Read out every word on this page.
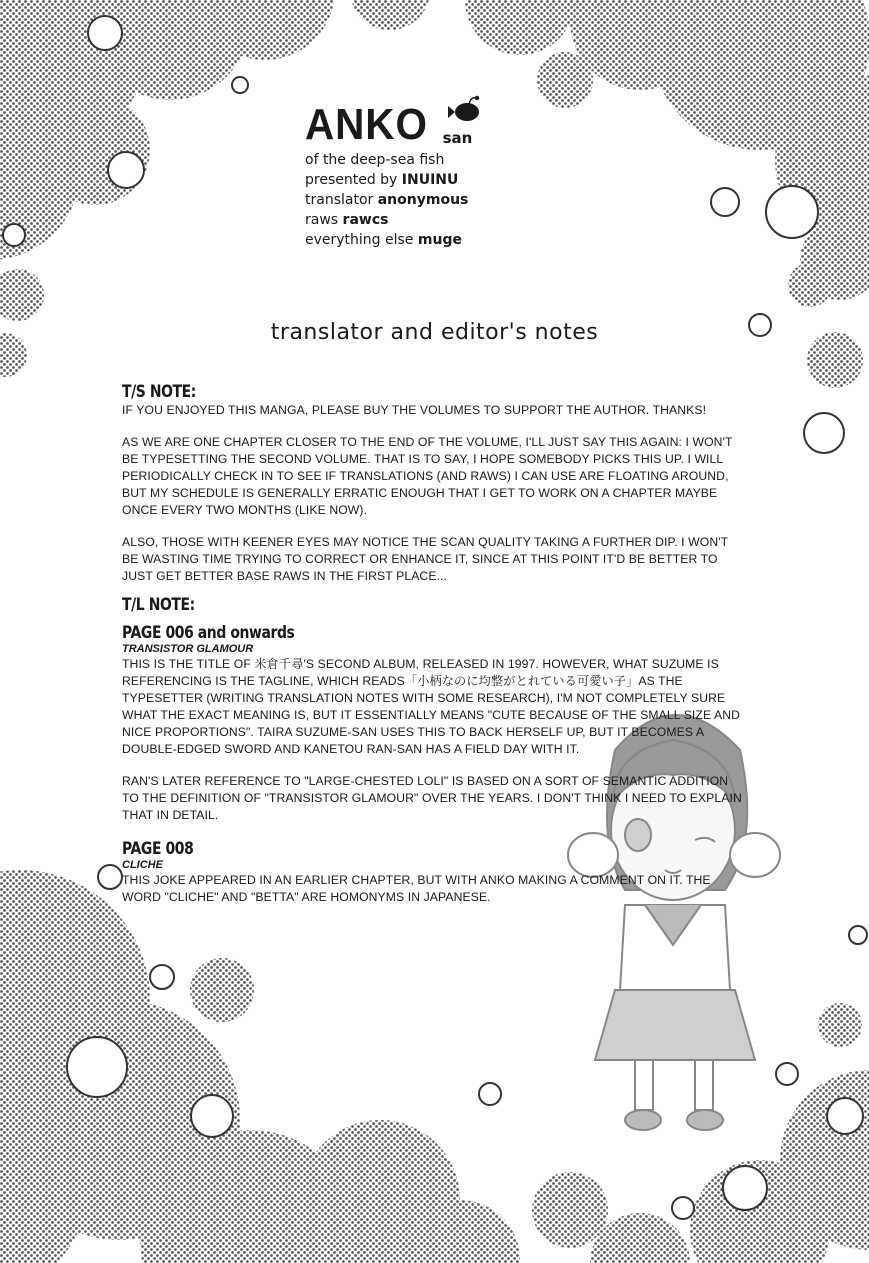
ANKO san
of the deep-sea fish
presented by INUINU
translator anonymous
raws rawcs
everything else muge
translator and editor's notes
T/S NOTE:

IF YOU ENJOYED THIS MANGA, PLEASE BUY THE VOLUMES TO SUPPORT THE AUTHOR. THANKS!

AS WE ARE ONE CHAPTER CLOSER TO THE END OF THE VOLUME, I'LL JUST SAY THIS AGAIN: I WON'T BE TYPESETTING THE SECOND VOLUME. THAT IS TO SAY, I HOPE SOMEBODY PICKS THIS UP. I WILL PERIODICALLY CHECK IN TO SEE IF TRANSLATIONS (AND RAWS) I CAN USE ARE FLOATING AROUND, BUT MY SCHEDULE IS GENERALLY ERRATIC ENOUGH THAT I GET TO WORK ON A CHAPTER MAYBE ONCE EVERY TWO MONTHS (LIKE NOW).

ALSO, THOSE WITH KEENER EYES MAY NOTICE THE SCAN QUALITY TAKING A FURTHER DIP. I WON'T BE WASTING TIME TRYING TO CORRECT OR ENHANCE IT, SINCE AT THIS POINT IT'D BE BETTER TO JUST GET BETTER BASE RAWS IN THE FIRST PLACE...

T/L NOTE:
PAGE 006 and onwards
TRANSISTOR GLAMOUR

THIS IS THE TITLE OF 米倉千尋'S SECOND ALBUM, RELEASED IN 1997. HOWEVER, WHAT SUZUME IS REFERENCING IS THE TAGLINE, WHICH READS「小柄なのに均整がとれている可愛い子」AS THE TYPESETTER (WRITING TRANSLATION NOTES WITH SOME RESEARCH), I'M NOT COMPLETELY SURE WHAT THE EXACT MEANING IS, BUT IT ESSENTIALLY MEANS "CUTE BECAUSE OF THE SMALL SIZE AND NICE PROPORTIONS". TAIRA SUZUME-SAN USES THIS TO BACK HERSELF UP, BUT IT BECOMES A DOUBLE-EDGED SWORD AND KANETOU RAN-SAN HAS A FIELD DAY WITH IT.

RAN'S LATER REFERENCE TO "LARGE-CHESTED LOLI" IS BASED ON A SORT OF SEMANTIC ADDITION TO THE DEFINITION OF "TRANSISTOR GLAMOUR" OVER THE YEARS. I DON'T THINK I NEED TO EXPLAIN THAT IN DETAIL.

PAGE 008
CLICHE

THIS JOKE APPEARED IN AN EARLIER CHAPTER, BUT WITH ANKO MAKING A COMMENT ON IT. THE WORD "CLICHE" AND "BETTA" ARE HOMONYMS IN JAPANESE.
